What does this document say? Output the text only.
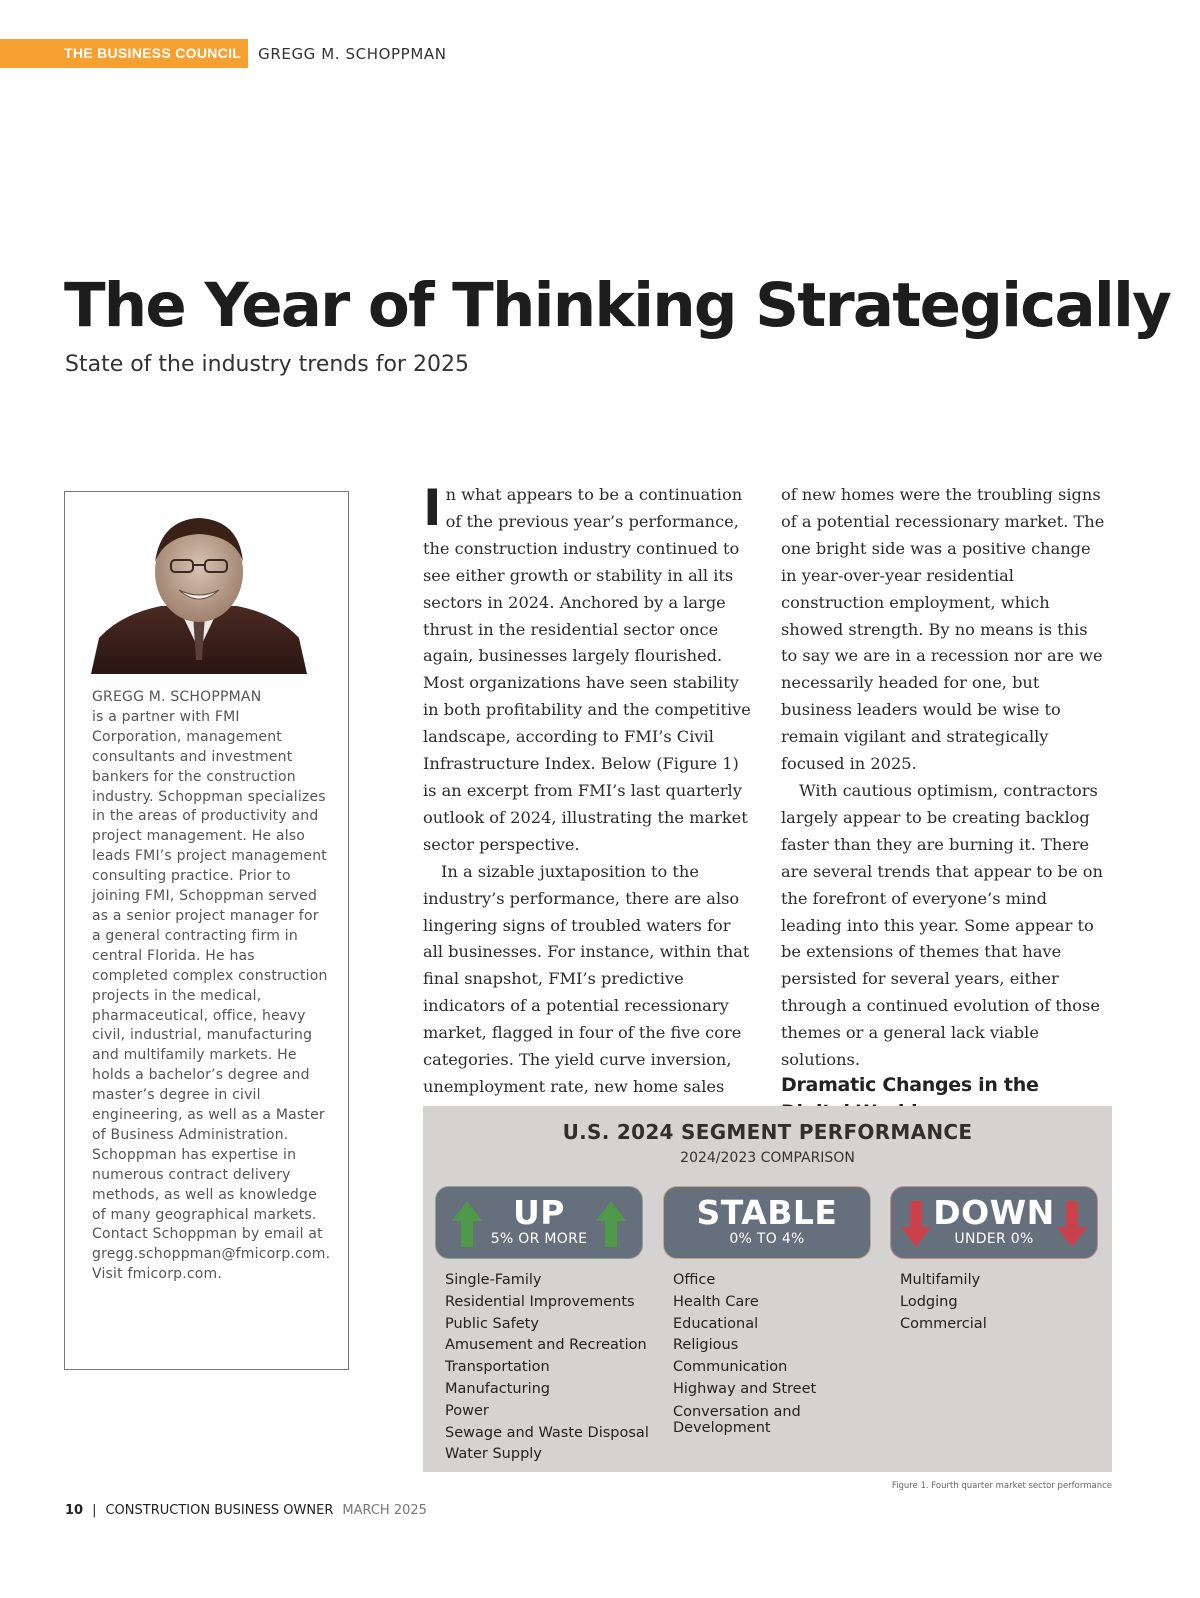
THE BUSINESS COUNCIL	GREGG M. SCHOPPMAN
The Year of Thinking Strategically
State of the industry trends for 2025
GREGG M. SCHOPPMAN
is a partner with FMI Corporation, management consultants and investment bankers for the construction industry. Schoppman specializes in the areas of productivity and project management. He also leads FMI’s project management consulting practice. Prior to joining FMI, Schoppman served as a senior project manager for a general contracting firm in central Florida. He has completed complex construction projects in the medical, pharmaceutical, office, heavy civil, industrial, manufacturing and multifamily markets. He holds a bachelor’s degree and master’s degree in civil engineering, as well as a Master of Business Administration. Schoppman has expertise in numerous contract delivery methods, as well as knowledge of many geographical markets. Contact Schoppman by email at gregg.schoppman@fmicorp.com. Visit fmicorp.com.

In what appears to be a continuation of the previous year’s performance, the construction industry continued to see either growth or stability in all its sectors in 2024. Anchored by a large thrust in the residential sector once again, businesses largely flourished. Most organizations have seen stability in both profitability and the competitive landscape, according to FMI’s Civil Infrastructure Index. Below (Figure 1) is an excerpt from FMI’s last quarterly outlook of 2024, illustrating the market sector perspective.

In a sizable juxtaposition to the industry’s performance, there are also lingering signs of troubled waters for all businesses. For instance, within that final snapshot, FMI’s predictive indicators of a potential recessionary market, flagged in four of the five core categories. The yield curve inversion, unemployment rate, new home sales

of new homes were the troubling signs of a potential recessionary market. The one bright side was a positive change in year-over-year residential construction employment, which showed strength. By no means is this to say we are in a recession nor are we necessarily headed for one, but business leaders would be wise to remain vigilant and strategically focused in 2025.

With cautious optimism, contractors largely appear to be creating backlog faster than they are burning it. There are several trends that appear to be on the forefront of everyone’s mind leading into this year. Some appear to be extensions of themes that have persisted for several years, either through a continued evolution of those themes or a general lack viable solutions.

Dramatic Changes in the
U.S. 2024 SEGMENT PERFORMANCE
2024/2023 COMPARISON
UP
5% OR MORE
STABLE
0% TO 4%
DOWN
UNDER 0%
Single-Family
Residential Improvements
Public Safety
Amusement and Recreation
Transportation
Manufacturing
Power
Sewage and Waste Disposal
Water Supply
Office
Health Care
Educational
Religious
Communication
Highway and Street
Conversation and Development
Multifamily
Lodging
Commercial
Figure 1. Fourth quarter market sector performance
10 | CONSTRUCTION BUSINESS OWNER MARCH 2025
